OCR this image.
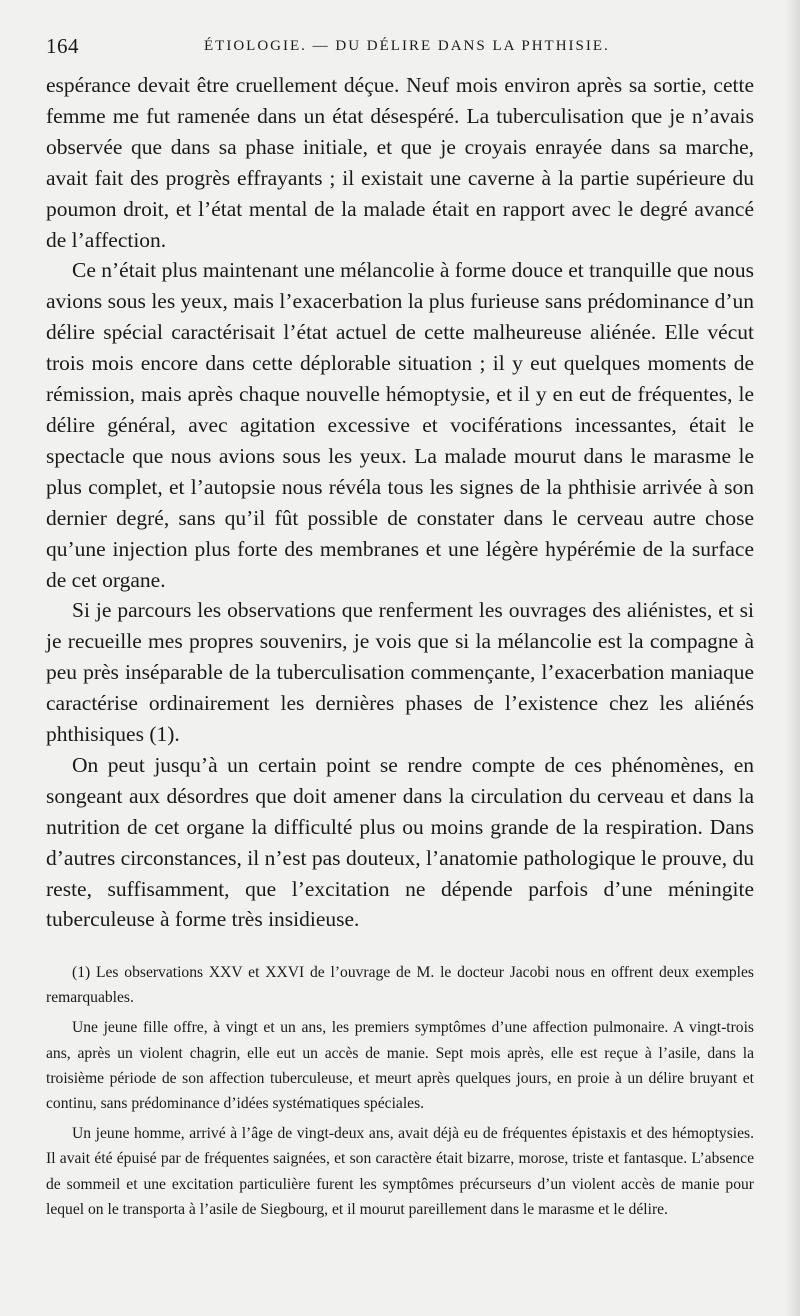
164	ÉTIOLOGIE. — DU DÉLIRE DANS LA PHTHISIE.

espérance devait être cruellement déçue. Neuf mois environ après sa sortie, cette femme me fut ramenée dans un état désespéré. La tuberculisation que je n’avais observée que dans sa phase initiale, et que je croyais enrayée dans sa marche, avait fait des progrès effrayants ; il existait une caverne à la partie supérieure du poumon droit, et l’état mental de la malade était en rapport avec le degré avancé de l’affection.

Ce n’était plus maintenant une mélancolie à forme douce et tranquille que nous avions sous les yeux, mais l’exacerbation la plus furieuse sans prédominance d’un délire spécial caractérisait l’état actuel de cette malheureuse aliénée. Elle vécut trois mois encore dans cette déplorable situation ; il y eut quelques moments de rémission, mais après chaque nouvelle hémoptysie, et il y en eut de fréquentes, le délire général, avec agitation excessive et vociférations incessantes, était le spectacle que nous avions sous les yeux. La malade mourut dans le marasme le plus complet, et l’autopsie nous révéla tous les signes de la phthisie arrivée à son dernier degré, sans qu’il fût possible de constater dans le cerveau autre chose qu’une injection plus forte des membranes et une légère hypérémie de la surface de cet organe.

Si je parcours les observations que renferment les ouvrages des aliénistes, et si je recueille mes propres souvenirs, je vois que si la mélancolie est la compagne à peu près inséparable de la tuberculisation commençante, l’exacerbation maniaque caractérise ordinairement les dernières phases de l’existence chez les aliénés phthisiques (1).

On peut jusqu’à un certain point se rendre compte de ces phénomènes, en songeant aux désordres que doit amener dans la circulation du cerveau et dans la nutrition de cet organe la difficulté plus ou moins grande de la respiration. Dans d’autres circonstances, il n’est pas douteux, l’anatomie pathologique le prouve, du reste, suffisamment, que l’excitation ne dépende parfois d’une méningite tuberculeuse à forme très insidieuse.

(1) Les observations XXV et XXVI de l’ouvrage de M. le docteur Jacobi nous en offrent deux exemples remarquables.

Une jeune fille offre, à vingt et un ans, les premiers symptômes d’une affection pulmonaire. A vingt-trois ans, après un violent chagrin, elle eut un accès de manie. Sept mois après, elle est reçue à l’asile, dans la troisième période de son affection tuberculeuse, et meurt après quelques jours, en proie à un délire bruyant et continu, sans prédominance d’idées systématiques spéciales.

Un jeune homme, arrivé à l’âge de vingt-deux ans, avait déjà eu de fréquentes épistaxis et des hémoptysies. Il avait été épuisé par de fréquentes saignées, et son caractère était bizarre, morose, triste et fantasque. L’absence de sommeil et une excitation particulière furent les symptômes précurseurs d’un violent accès de manie pour lequel on le transporta à l’asile de Siegbourg, et il mourut pareillement dans le marasme et le délire.
